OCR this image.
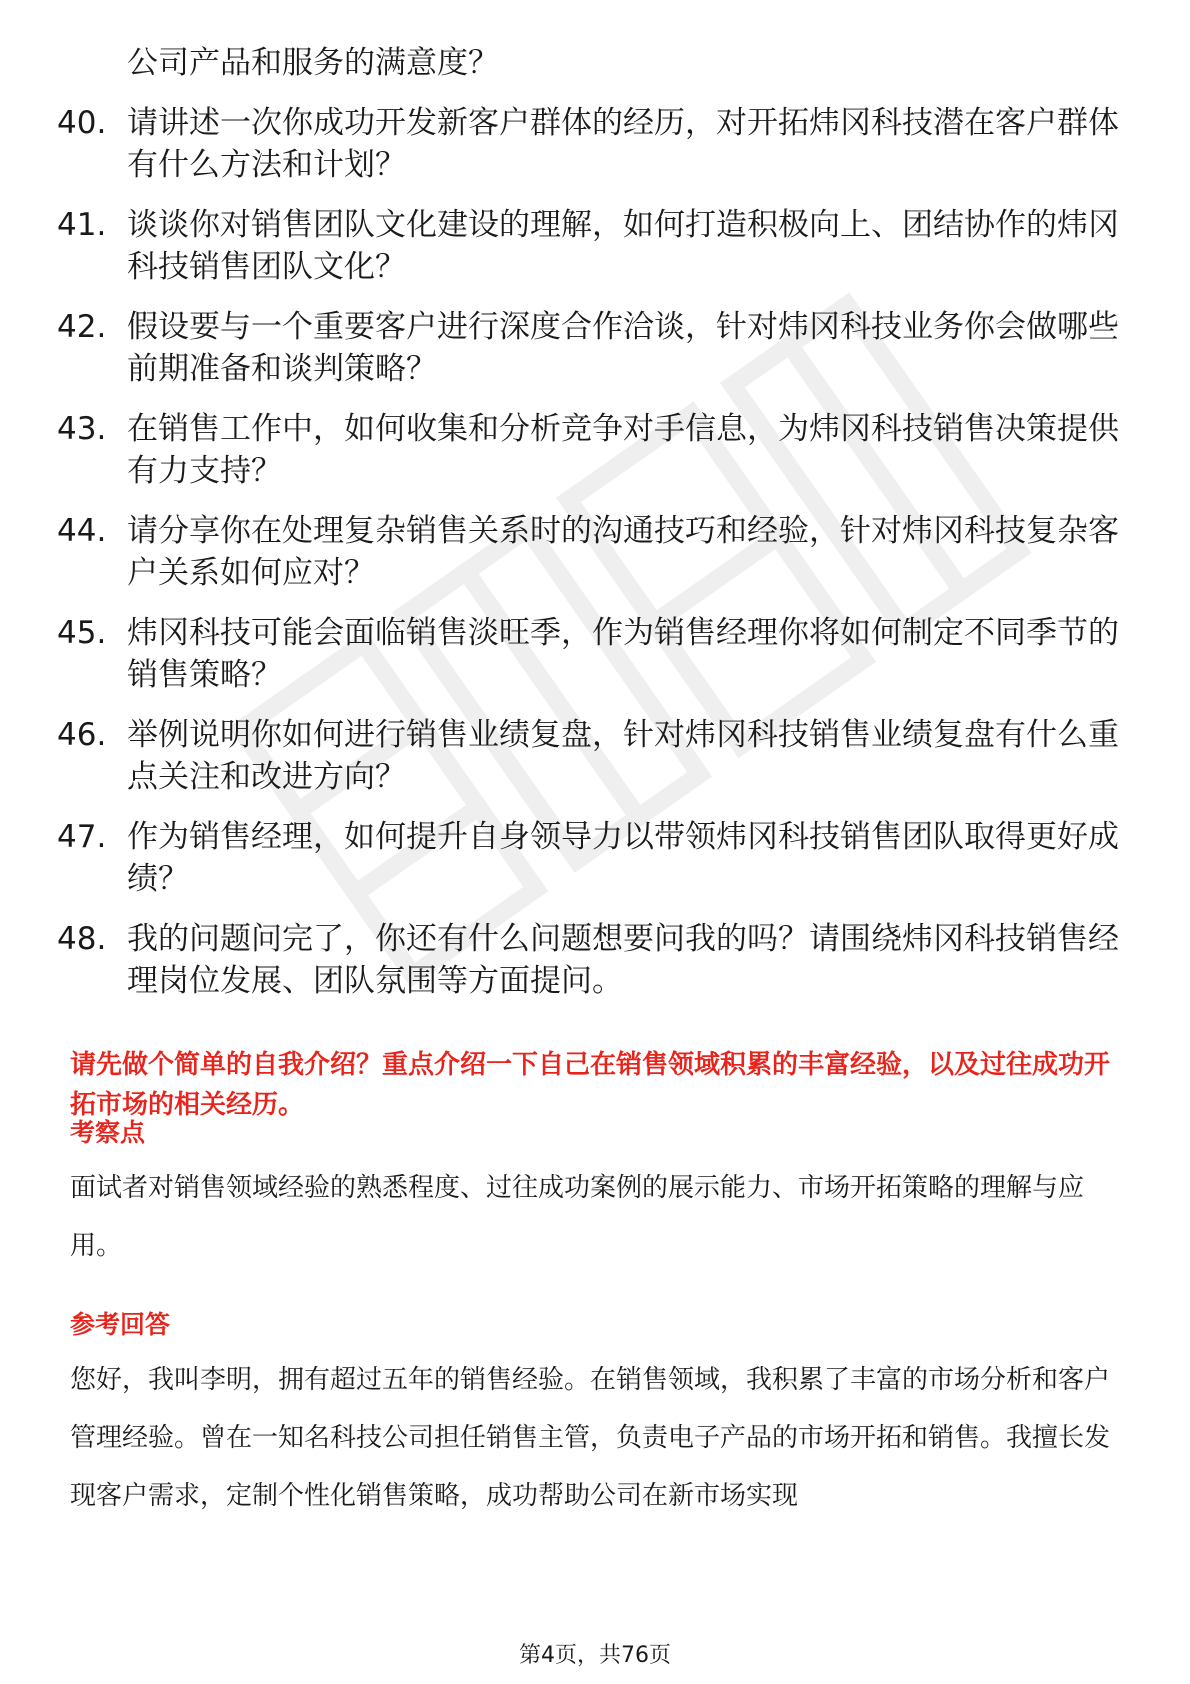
公司产品和服务的满意度？
40. 请讲述一次你成功开发新客户群体的经历，对开拓炜冈科技潜在客户群体有什么方法和计划？
41. 谈谈你对销售团队文化建设的理解，如何打造积极向上、团结协作的炜冈科技销售团队文化？
42. 假设要与一个重要客户进行深度合作洽谈，针对炜冈科技业务你会做哪些前期准备和谈判策略？
43. 在销售工作中，如何收集和分析竞争对手信息，为炜冈科技销售决策提供有力支持？
44. 请分享你在处理复杂销售关系时的沟通技巧和经验，针对炜冈科技复杂客户关系如何应对？
45. 炜冈科技可能会面临销售淡旺季，作为销售经理你将如何制定不同季节的销售策略？
46. 举例说明你如何进行销售业绩复盘，针对炜冈科技销售业绩复盘有什么重点关注和改进方向？
47. 作为销售经理，如何提升自身领导力以带领炜冈科技销售团队取得更好成绩？
48. 我的问题问完了，你还有什么问题想要问我的吗？请围绕炜冈科技销售经理岗位发展、团队氛围等方面提问。
请先做个简单的自我介绍？重点介绍一下自己在销售领域积累的丰富经验，以及过往成功开拓市场的相关经历。
考察点
面试者对销售领域经验的熟悉程度、过往成功案例的展示能力、市场开拓策略的理解与应用。
参考回答
您好，我叫李明，拥有超过五年的销售经验。在销售领域，我积累了丰富的市场分析和客户管理经验。曾在一知名科技公司担任销售主管，负责电子产品的市场开拓和销售。我擅长发现客户需求，定制个性化销售策略，成功帮助公司在新市场实现
第4页，共76页
